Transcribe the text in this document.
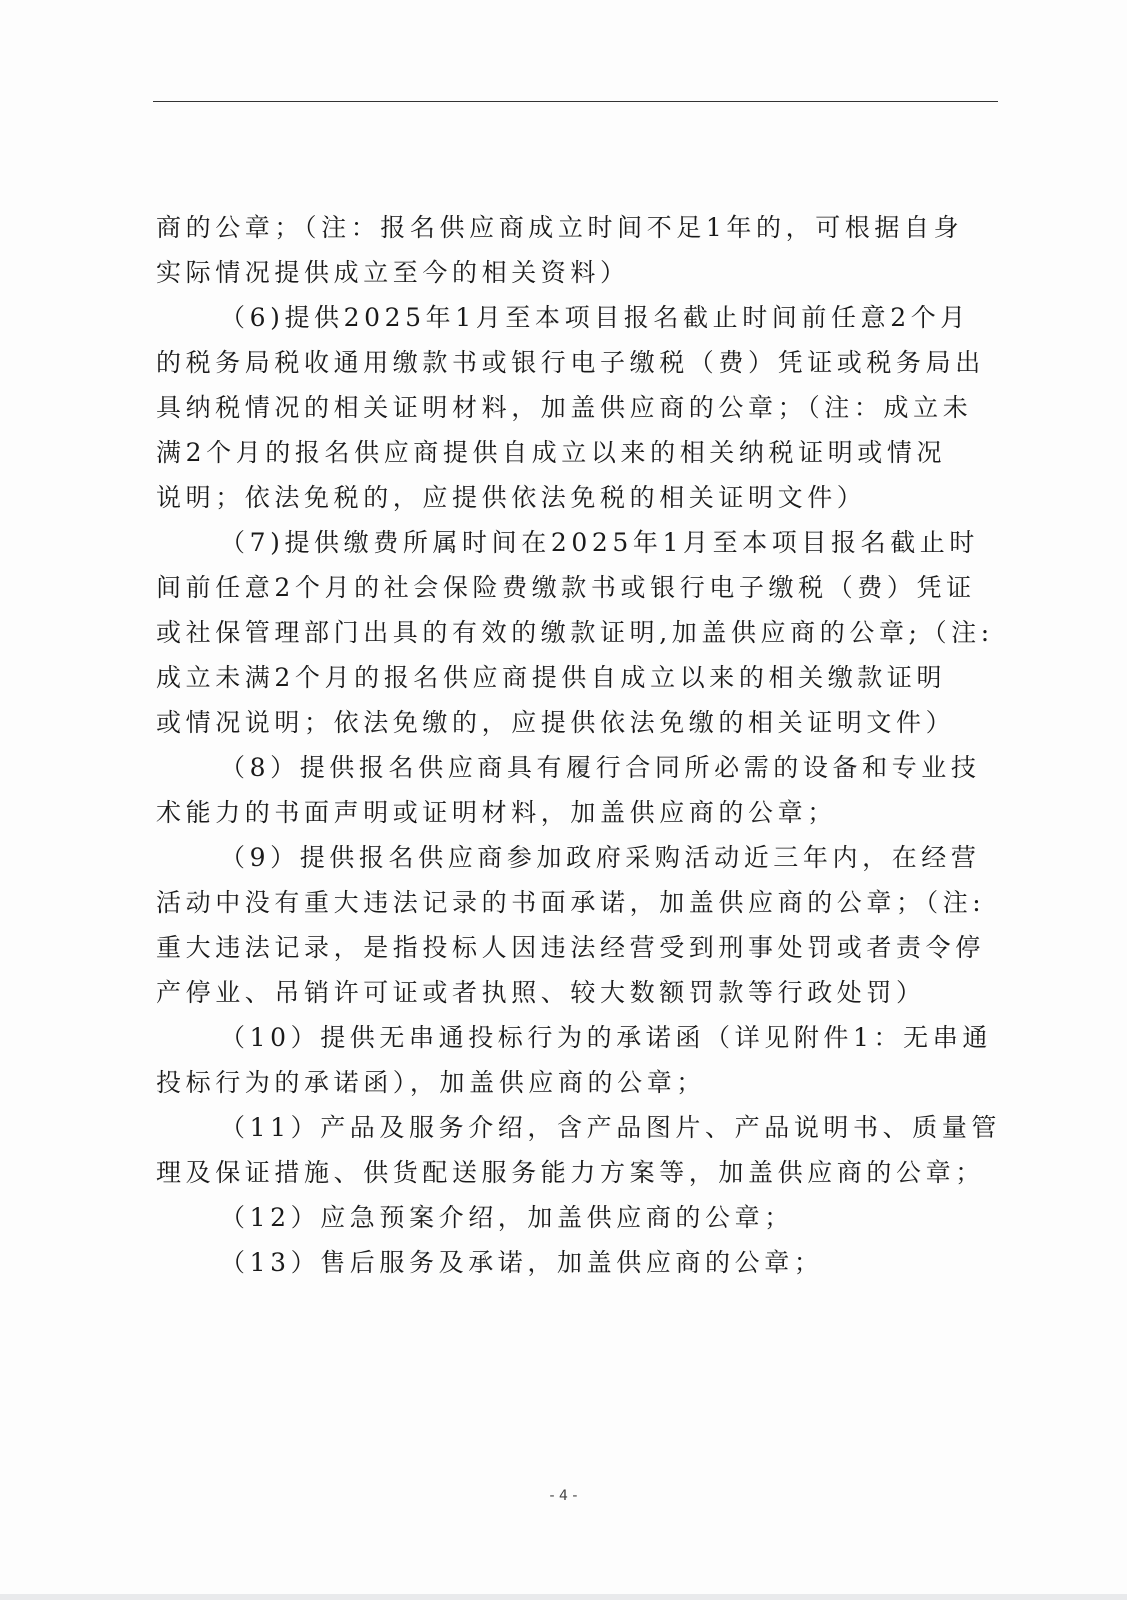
商的公章；（注：报名供应商成立时间不足1年的，可根据自身
实际情况提供成立至今的相关资料）
（6)提供2025年1月至本项目报名截止时间前任意2个月
的税务局税收通用缴款书或银行电子缴税（费）凭证或税务局出
具纳税情况的相关证明材料，加盖供应商的公章；（注：成立未
满2个月的报名供应商提供自成立以来的相关纳税证明或情况
说明；依法免税的，应提供依法免税的相关证明文件）
（7)提供缴费所属时间在2025年1月至本项目报名截止时
间前任意2个月的社会保险费缴款书或银行电子缴税（费）凭证
或社保管理部门出具的有效的缴款证明,加盖供应商的公章;（注:
成立未满2个月的报名供应商提供自成立以来的相关缴款证明
或情况说明；依法免缴的，应提供依法免缴的相关证明文件）
（8）提供报名供应商具有履行合同所必需的设备和专业技
术能力的书面声明或证明材料，加盖供应商的公章；
（9）提供报名供应商参加政府采购活动近三年内，在经营
活动中没有重大违法记录的书面承诺，加盖供应商的公章；（注:
重大违法记录，是指投标人因违法经营受到刑事处罚或者责令停
产停业、吊销许可证或者执照、较大数额罚款等行政处罚）
（10）提供无串通投标行为的承诺函（详见附件1：无串通
投标行为的承诺函），加盖供应商的公章；
（11）产品及服务介绍，含产品图片、产品说明书、质量管
理及保证措施、供货配送服务能力方案等，加盖供应商的公章；
（12）应急预案介绍，加盖供应商的公章；
（13）售后服务及承诺，加盖供应商的公章；
- 4 -
